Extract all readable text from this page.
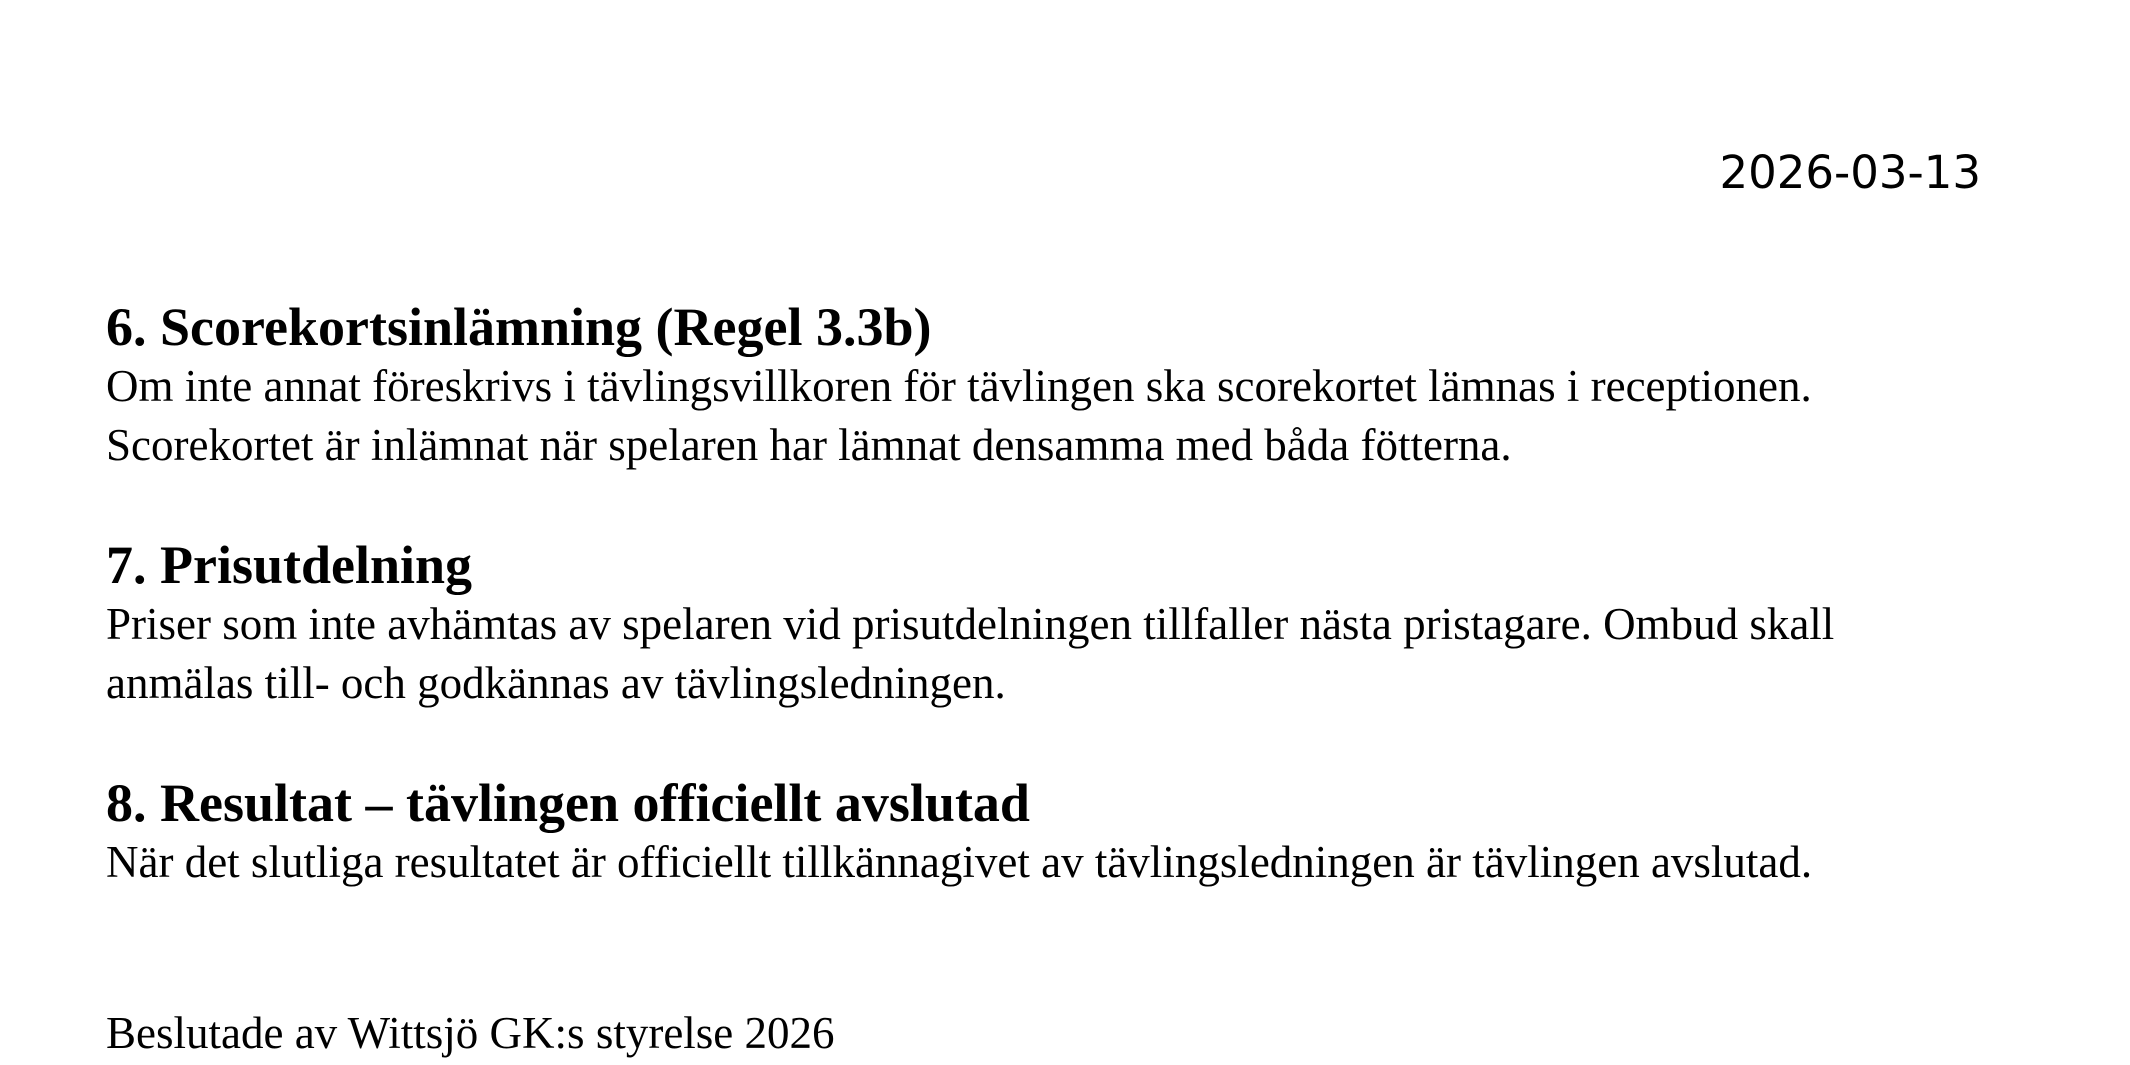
2026-03-13
6. Scorekortsinlämning (Regel 3.3b)

Om inte annat föreskrivs i tävlingsvillkoren för tävlingen ska scorekortet lämnas i receptionen.

Scorekortet är inlämnat när spelaren har lämnat densamma med båda fötterna.

7. Prisutdelning

Priser som inte avhämtas av spelaren vid prisutdelningen tillfaller nästa pristagare. Ombud skall

anmälas till- och godkännas av tävlingsledningen.

8. Resultat – tävlingen officiellt avslutad

När det slutliga resultatet är officiellt tillkännagivet av tävlingsledningen är tävlingen avslutad.

Beslutade av Wittsjö GK:s styrelse 2026
